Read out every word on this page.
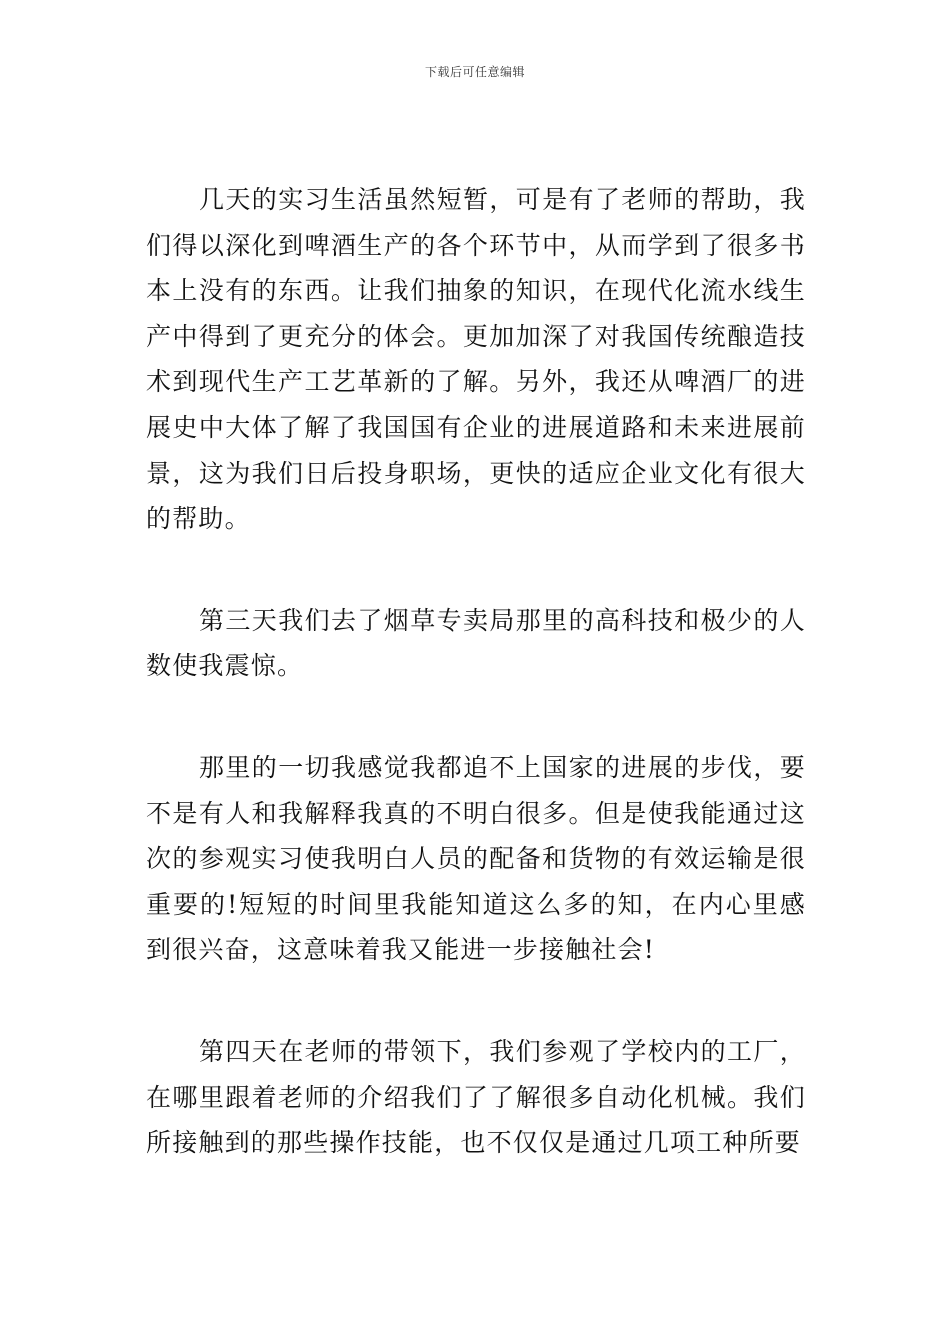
下载后可任意编辑

几天的实习生活虽然短暂，可是有了老师的帮助，我们得以深化到啤酒生产的各个环节中，从而学到了很多书本上没有的东西。让我们抽象的知识，在现代化流水线生产中得到了更充分的体会。更加加深了对我国传统酿造技术到现代生产工艺革新的了解。另外，我还从啤酒厂的进展史中大体了解了我国国有企业的进展道路和未来进展前景，这为我们日后投身职场，更快的适应企业文化有很大的帮助。

第三天我们去了烟草专卖局那里的高科技和极少的人数使我震惊。

那里的一切我感觉我都追不上国家的进展的步伐，要不是有人和我解释我真的不明白很多。但是使我能通过这次的参观实习使我明白人员的配备和货物的有效运输是很重要的!短短的时间里我能知道这么多的知，在内心里感到很兴奋，这意味着我又能进一步接触社会!

第四天在老师的带领下，我们参观了学校内的工厂，在哪里跟着老师的介绍我们了了解很多自动化机械。我们所接触到的那些操作技能，也不仅仅是通过几项工种所要
